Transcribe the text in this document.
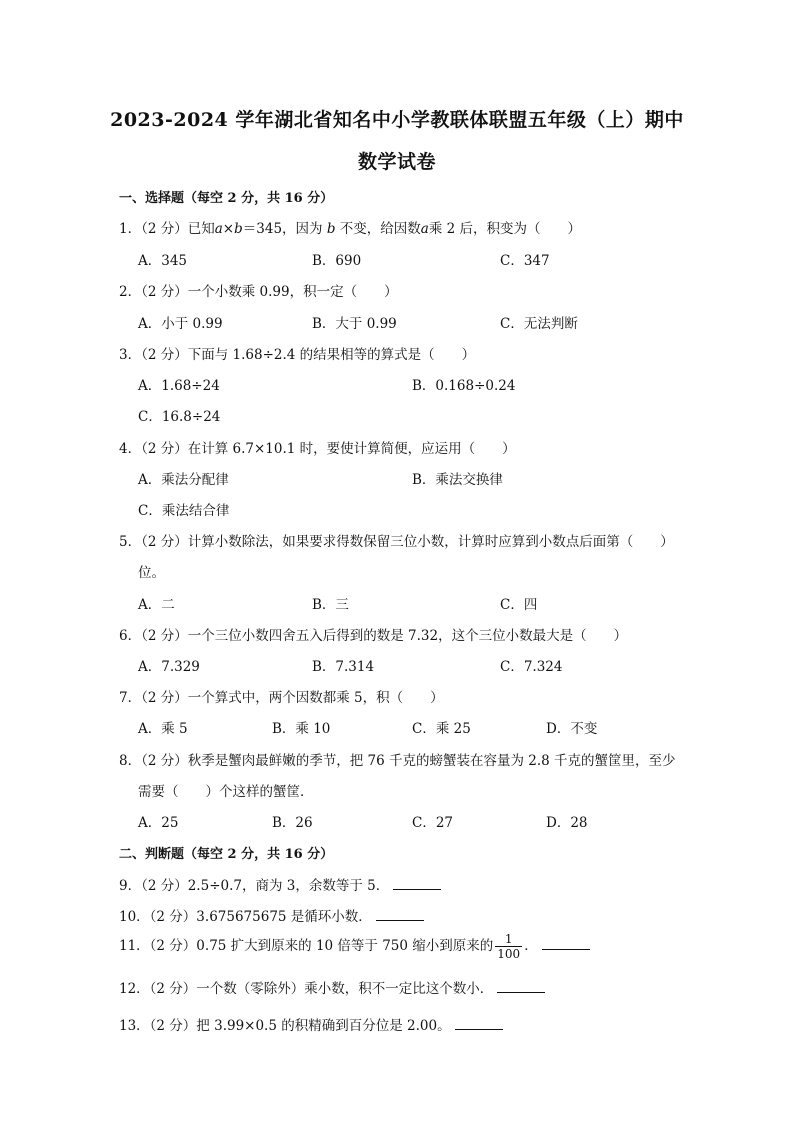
2023-2024 学年湖北省知名中小学教联体联盟五年级（上）期中
数学试卷
一、选择题（每空 2 分，共 16 分）
1．（2 分）已知a×b＝345，因为 b 不变，给因数a乘 2 后，积变为（　　）
A．345	B．690	C．347
2．（2 分）一个小数乘 0.99，积一定（　　）
A．小于 0.99	B．大于 0.99	C．无法判断
3．（2 分）下面与 1.68÷2.4 的结果相等的算式是（　　）
A．1.68÷24	B．0.168÷0.24
C．16.8÷24
4．（2 分）在计算 6.7×10.1 时，要使计算简便，应运用（　　）
A．乘法分配律	B．乘法交换律
C．乘法结合律
5．（2 分）计算小数除法，如果要求得数保留三位小数，计算时应算到小数点后面第（　　）
位。
A．二	B．三	C．四
6．（2 分）一个三位小数四舍五入后得到的数是 7.32，这个三位小数最大是（　　）
A．7.329	B．7.314	C．7.324
7．（2 分）一个算式中，两个因数都乘 5，积（　　）
A．乘 5	B．乘 10	C．乘 25	D．不变
8．（2 分）秋季是蟹肉最鲜嫩的季节，把 76 千克的螃蟹装在容量为 2.8 千克的蟹筐里，至少
需要（　　）个这样的蟹筐．
A．25	B．26	C．27	D．28
二、判断题（每空 2 分，共 16 分）
9．（2 分）2.5÷0.7，商为 3，余数等于 5．
10．（2 分）3.675675675 是循环小数．
11．（2 分）0.75 扩大到原来的 10 倍等于 750 缩小到原来的 $\frac{1}{100}$ ．
12．（2 分）一个数（零除外）乘小数，积不一定比这个数小．
13．（2 分）把 3.99×0.5 的积精确到百分位是 2.00。
